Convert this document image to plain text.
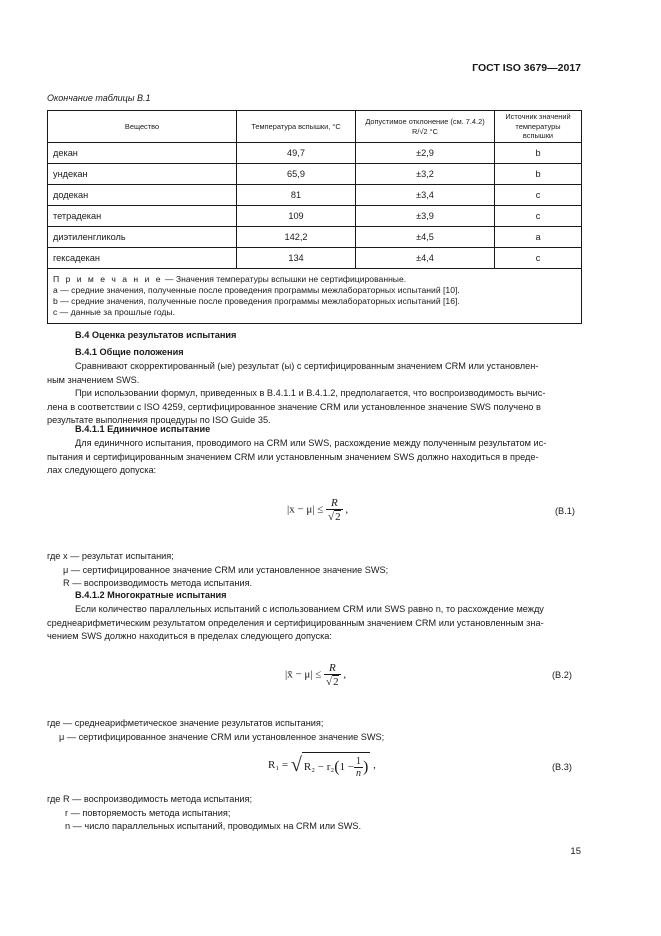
ГОСТ ISO 3679—2017
Окончание таблицы B.1
Вещество	Температура вспышки, °C	Допустимое отклонение (см. 7.4.2) R/√2 °C	Источник значений температуры вспышки
декан	49,7	±2,9	b
ундекан	65,9	±3,2	b
додекан	81	±3,4	c
тетрадекан	109	±3,9	c
диэтиленгликоль	142,2	±4,5	a
гексадекан	134	±4,4	c

П р и м е ч а н и е — Значения температуры вспышки не сертифицированные.
a — средние значения, полученные после проведения программы межлабораторных испытаний [10].
b — средние значения, полученные после проведения программы межлабораторных испытаний [16].
c — данные за прошлые годы.			
B.4 Оценка результатов испытания
B.4.1 Общие положения
Сравнивают скорректированный (ые) результат (ы) с сертифицированным значением CRM или установлен-
ным значением SWS.
При использовании формул, приведенных в B.4.1.1 и B.4.1.2, предполагается, что воспроизводимость вычис-
лена в соответствии с ISO 4259, сертифицированное значение CRM или установленное значение SWS получено в
результате выполнения процедуры по ISO Guide 35.
B.4.1.1 Единичное испытание
Для единичного испытания, проводимого на CRM или SWS, расхождение между полученным результатом ис-
пытания и сертифицированным значением CRM или установленным значением SWS должно находиться в преде-
лах следующего допуска:
$|x - \mu| \le \frac{R}{√2}$ ,	(B.1)
где x — результат испытания;
μ — сертифицированное значение CRM или установленное значение SWS;
R — воспроизводимость метода испытания.
B.4.1.2 Многократные испытания
Если количество параллельных испытаний с использованием CRM или SWS равно n, то расхождение между
среднеарифметическим результатом определения и сертифицированным значением CRM или установленным зна-
чением SWS должно находиться в пределах следующего допуска:
|x̄ − $\mu| \le \frac{R}{√2}$ ,	(B.2)
где — среднеарифметическое значение результатов испытания;
μ — сертифицированное значение CRM или установленное значение SWS;
R₁ = √ $R_2 - r_2(1 - \frac{1}{n}$ ) ,	(B.3)
где R — воспроизводимость метода испытания;
r — повторяемость метода испытания;
n — число параллельных испытаний, проводимых на CRM или SWS.
15
